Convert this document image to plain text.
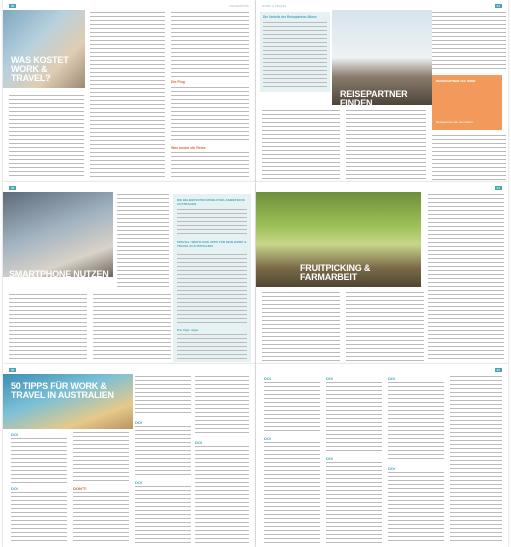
80	TRAVELBOOK
WAS KOSTET WORK & TRAVEL?	Die Flug
Was kostet die Reise
WORK & TRAVEL	81
Die Vorteile der Reisepartner-Börse
REISEPARTNER FINDEN
REISEPARTNER AUF WWW
Reisepartner bei uns finden
82
SMARTPHONE NUTZEN IN AUSTRALIEN
DIE BELIEBTESTEN MOBILFUNK-ANBIETER IN AUSTRALIEN
SPEZIAL: WESTLICHE APPS FÜR DEIN WORK & TRAVEL IN AUSTRALIEN
Pro Tipp: Apps
83
FRUITPICKING & FARMARBEIT
84
50 TIPPS FÜR WORK & TRAVEL IN AUSTRALIEN
DO!
DO!	DON'T!
DO!
DO!
DO!
85
DO!
DO!
DO!
DO!
DO!
DO!
